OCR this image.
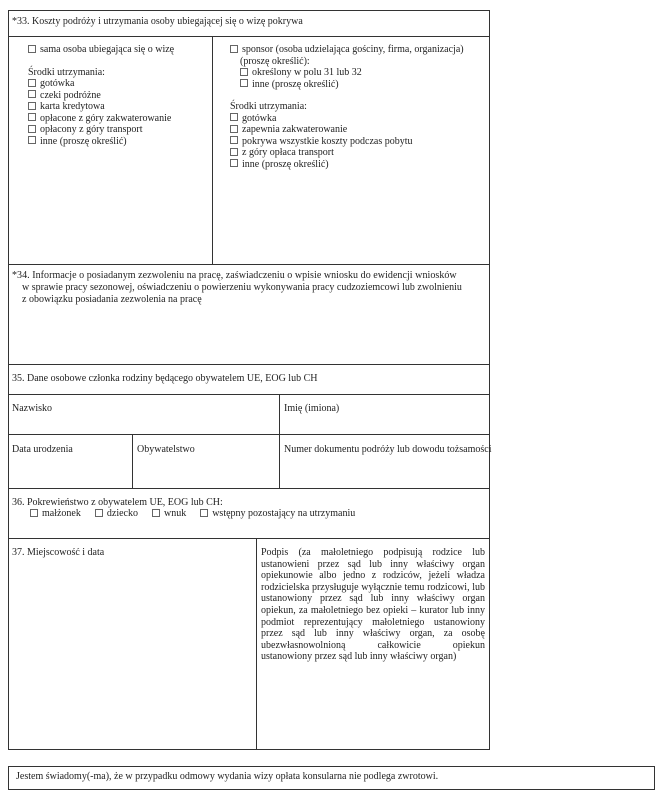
*33. Koszty podróży i utrzymania osoby ubiegającej się o wizę pokrywa
sama osoba ubiegająca się o wizę
Środki utrzymania:
gotówka
czeki podróżne
karta kredytowa
opłacone z góry zakwaterowanie
opłacony z góry transport
inne (proszę określić)
sponsor (osoba udzielająca gościny, firma, organizacja)
(proszę określić):
określony w polu 31 lub 32
inne (proszę określić)
Środki utrzymania:
gotówka
zapewnia zakwaterowanie
pokrywa wszystkie koszty podczas pobytu
z góry opłaca transport
inne (proszę określić)
*34. Informacje o posiadanym zezwoleniu na pracę, zaświadczeniu o wpisie wniosku do ewidencji wniosków
w sprawie pracy sezonowej, oświadczeniu o powierzeniu wykonywania pracy cudzoziemcowi lub zwolnieniu
z obowiązku posiadania zezwolenia na pracę
35. Dane osobowe członka rodziny będącego obywatelem UE, EOG lub CH
Nazwisko	Imię (imiona)
Data urodzenia	Obywatelstwo	Numer dokumentu podróży lub dowodu tożsamości
36. Pokrewieństwo z obywatelem UE, EOG lub CH:
małżonek	dziecko	wnuk	wstępny pozostający na utrzymaniu
37. Miejscowość i data	Podpis (za małoletniego podpisują rodzice lub

ustanowieni przez sąd lub inny właściwy organ

opiekunowie albo jedno z rodziców, jeżeli władza

rodzicielska przysługuje wyłącznie temu rodzicowi, lub

ustanowiony przez sąd lub inny właściwy organ

opiekun, za małoletniego bez opieki – kurator lub inny

podmiot reprezentujący małoletniego ustanowiony

przez sąd lub inny właściwy organ, za osobę

ubezwłasnowolnioną całkowicie opiekun

ustanowiony przez sąd lub inny właściwy organ)

Jestem świadomy(-ma), że w przypadku odmowy wydania wizy opłata konsularna nie podlega zwrotowi.
